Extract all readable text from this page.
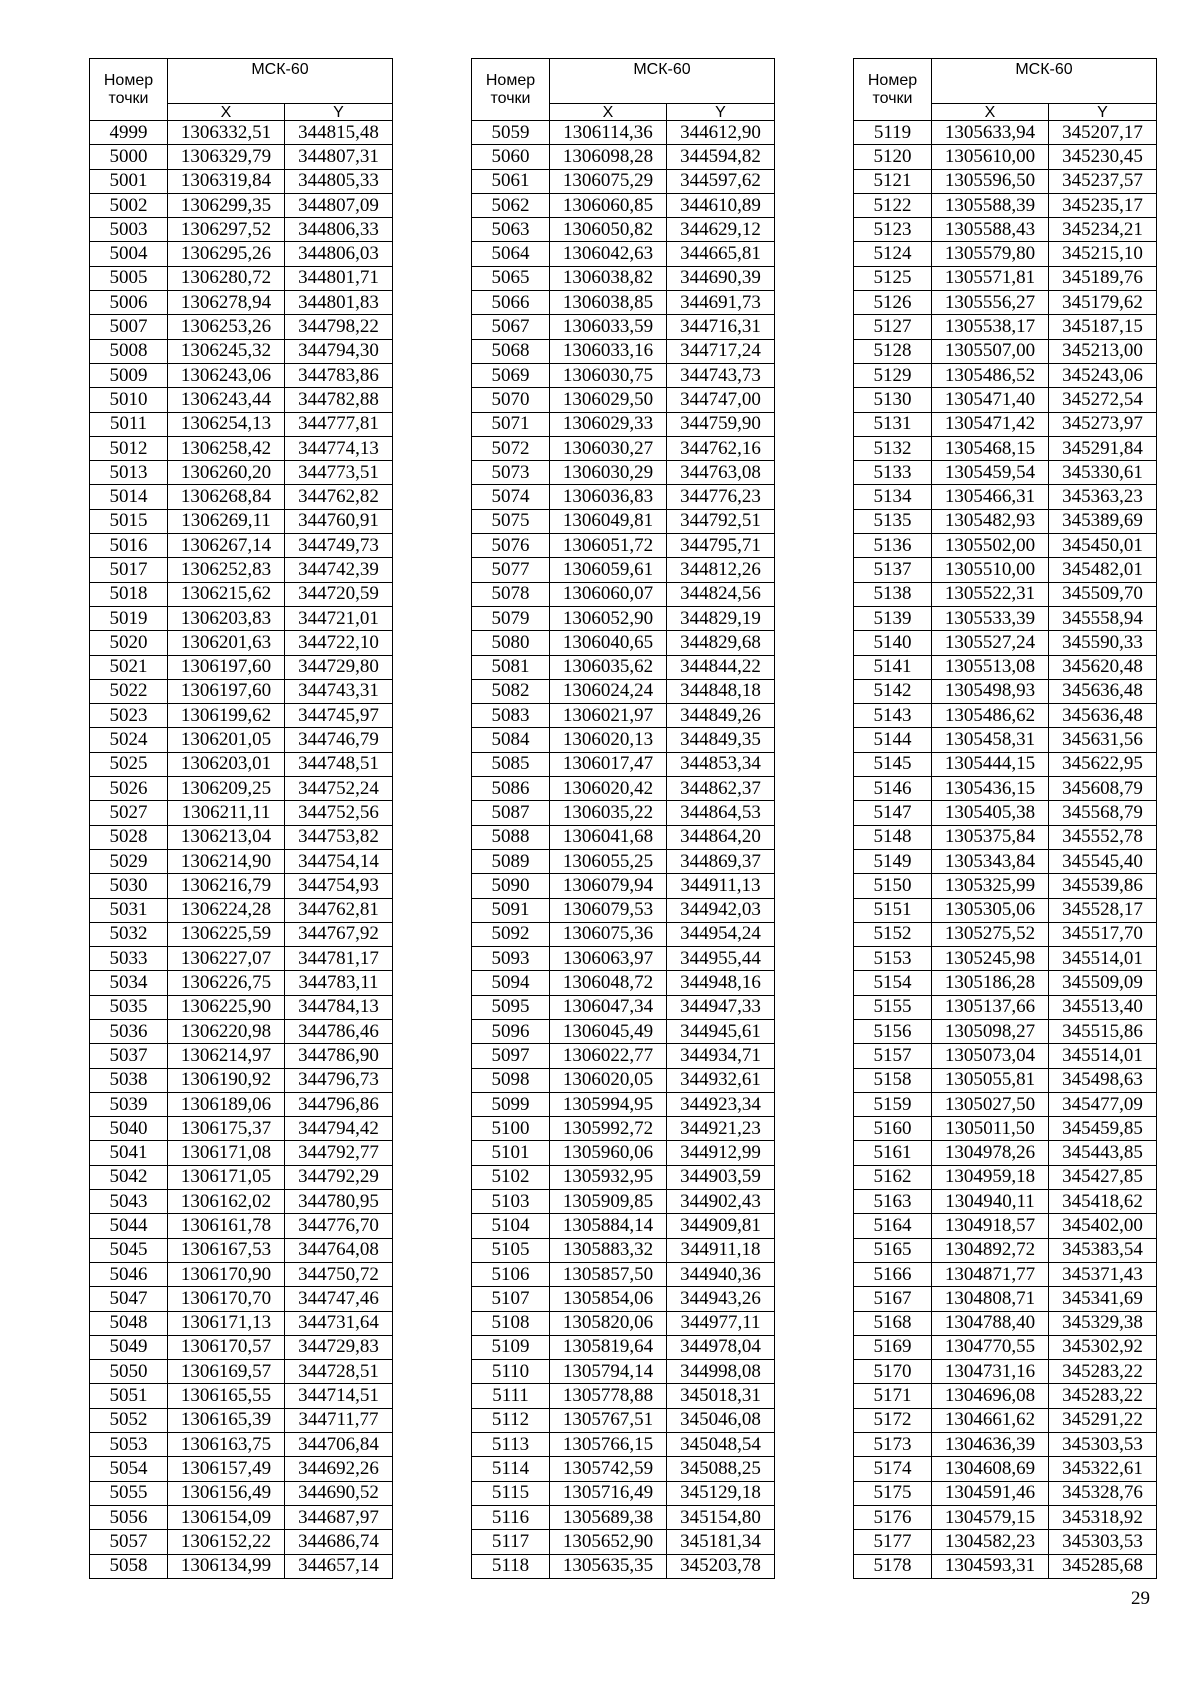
Номер
точки	МСК-60	
	X	Y
4999	1306332,51	344815,48
5000	1306329,79	344807,31
5001	1306319,84	344805,33
5002	1306299,35	344807,09
5003	1306297,52	344806,33
5004	1306295,26	344806,03
5005	1306280,72	344801,71
5006	1306278,94	344801,83
5007	1306253,26	344798,22
5008	1306245,32	344794,30
5009	1306243,06	344783,86
5010	1306243,44	344782,88
5011	1306254,13	344777,81
5012	1306258,42	344774,13
5013	1306260,20	344773,51
5014	1306268,84	344762,82
5015	1306269,11	344760,91
5016	1306267,14	344749,73
5017	1306252,83	344742,39
5018	1306215,62	344720,59
5019	1306203,83	344721,01
5020	1306201,63	344722,10
5021	1306197,60	344729,80
5022	1306197,60	344743,31
5023	1306199,62	344745,97
5024	1306201,05	344746,79
5025	1306203,01	344748,51
5026	1306209,25	344752,24
5027	1306211,11	344752,56
5028	1306213,04	344753,82
5029	1306214,90	344754,14
5030	1306216,79	344754,93
5031	1306224,28	344762,81
5032	1306225,59	344767,92
5033	1306227,07	344781,17
5034	1306226,75	344783,11
5035	1306225,90	344784,13
5036	1306220,98	344786,46
5037	1306214,97	344786,90
5038	1306190,92	344796,73
5039	1306189,06	344796,86
5040	1306175,37	344794,42
5041	1306171,08	344792,77
5042	1306171,05	344792,29
5043	1306162,02	344780,95
5044	1306161,78	344776,70
5045	1306167,53	344764,08
5046	1306170,90	344750,72
5047	1306170,70	344747,46
5048	1306171,13	344731,64
5049	1306170,57	344729,83
5050	1306169,57	344728,51
5051	1306165,55	344714,51
5052	1306165,39	344711,77
5053	1306163,75	344706,84
5054	1306157,49	344692,26
5055	1306156,49	344690,52
5056	1306154,09	344687,97
5057	1306152,22	344686,74
5058	1306134,99	344657,14
Номер
точки	МСК-60	
	X	Y
5059	1306114,36	344612,90
5060	1306098,28	344594,82
5061	1306075,29	344597,62
5062	1306060,85	344610,89
5063	1306050,82	344629,12
5064	1306042,63	344665,81
5065	1306038,82	344690,39
5066	1306038,85	344691,73
5067	1306033,59	344716,31
5068	1306033,16	344717,24
5069	1306030,75	344743,73
5070	1306029,50	344747,00
5071	1306029,33	344759,90
5072	1306030,27	344762,16
5073	1306030,29	344763,08
5074	1306036,83	344776,23
5075	1306049,81	344792,51
5076	1306051,72	344795,71
5077	1306059,61	344812,26
5078	1306060,07	344824,56
5079	1306052,90	344829,19
5080	1306040,65	344829,68
5081	1306035,62	344844,22
5082	1306024,24	344848,18
5083	1306021,97	344849,26
5084	1306020,13	344849,35
5085	1306017,47	344853,34
5086	1306020,42	344862,37
5087	1306035,22	344864,53
5088	1306041,68	344864,20
5089	1306055,25	344869,37
5090	1306079,94	344911,13
5091	1306079,53	344942,03
5092	1306075,36	344954,24
5093	1306063,97	344955,44
5094	1306048,72	344948,16
5095	1306047,34	344947,33
5096	1306045,49	344945,61
5097	1306022,77	344934,71
5098	1306020,05	344932,61
5099	1305994,95	344923,34
5100	1305992,72	344921,23
5101	1305960,06	344912,99
5102	1305932,95	344903,59
5103	1305909,85	344902,43
5104	1305884,14	344909,81
5105	1305883,32	344911,18
5106	1305857,50	344940,36
5107	1305854,06	344943,26
5108	1305820,06	344977,11
5109	1305819,64	344978,04
5110	1305794,14	344998,08
5111	1305778,88	345018,31
5112	1305767,51	345046,08
5113	1305766,15	345048,54
5114	1305742,59	345088,25
5115	1305716,49	345129,18
5116	1305689,38	345154,80
5117	1305652,90	345181,34
5118	1305635,35	345203,78
Номер
точки	МСК-60	
	X	Y
5119	1305633,94	345207,17
5120	1305610,00	345230,45
5121	1305596,50	345237,57
5122	1305588,39	345235,17
5123	1305588,43	345234,21
5124	1305579,80	345215,10
5125	1305571,81	345189,76
5126	1305556,27	345179,62
5127	1305538,17	345187,15
5128	1305507,00	345213,00
5129	1305486,52	345243,06
5130	1305471,40	345272,54
5131	1305471,42	345273,97
5132	1305468,15	345291,84
5133	1305459,54	345330,61
5134	1305466,31	345363,23
5135	1305482,93	345389,69
5136	1305502,00	345450,01
5137	1305510,00	345482,01
5138	1305522,31	345509,70
5139	1305533,39	345558,94
5140	1305527,24	345590,33
5141	1305513,08	345620,48
5142	1305498,93	345636,48
5143	1305486,62	345636,48
5144	1305458,31	345631,56
5145	1305444,15	345622,95
5146	1305436,15	345608,79
5147	1305405,38	345568,79
5148	1305375,84	345552,78
5149	1305343,84	345545,40
5150	1305325,99	345539,86
5151	1305305,06	345528,17
5152	1305275,52	345517,70
5153	1305245,98	345514,01
5154	1305186,28	345509,09
5155	1305137,66	345513,40
5156	1305098,27	345515,86
5157	1305073,04	345514,01
5158	1305055,81	345498,63
5159	1305027,50	345477,09
5160	1305011,50	345459,85
5161	1304978,26	345443,85
5162	1304959,18	345427,85
5163	1304940,11	345418,62
5164	1304918,57	345402,00
5165	1304892,72	345383,54
5166	1304871,77	345371,43
5167	1304808,71	345341,69
5168	1304788,40	345329,38
5169	1304770,55	345302,92
5170	1304731,16	345283,22
5171	1304696,08	345283,22
5172	1304661,62	345291,22
5173	1304636,39	345303,53
5174	1304608,69	345322,61
5175	1304591,46	345328,76
5176	1304579,15	345318,92
5177	1304582,23	345303,53
5178	1304593,31	345285,68
29
